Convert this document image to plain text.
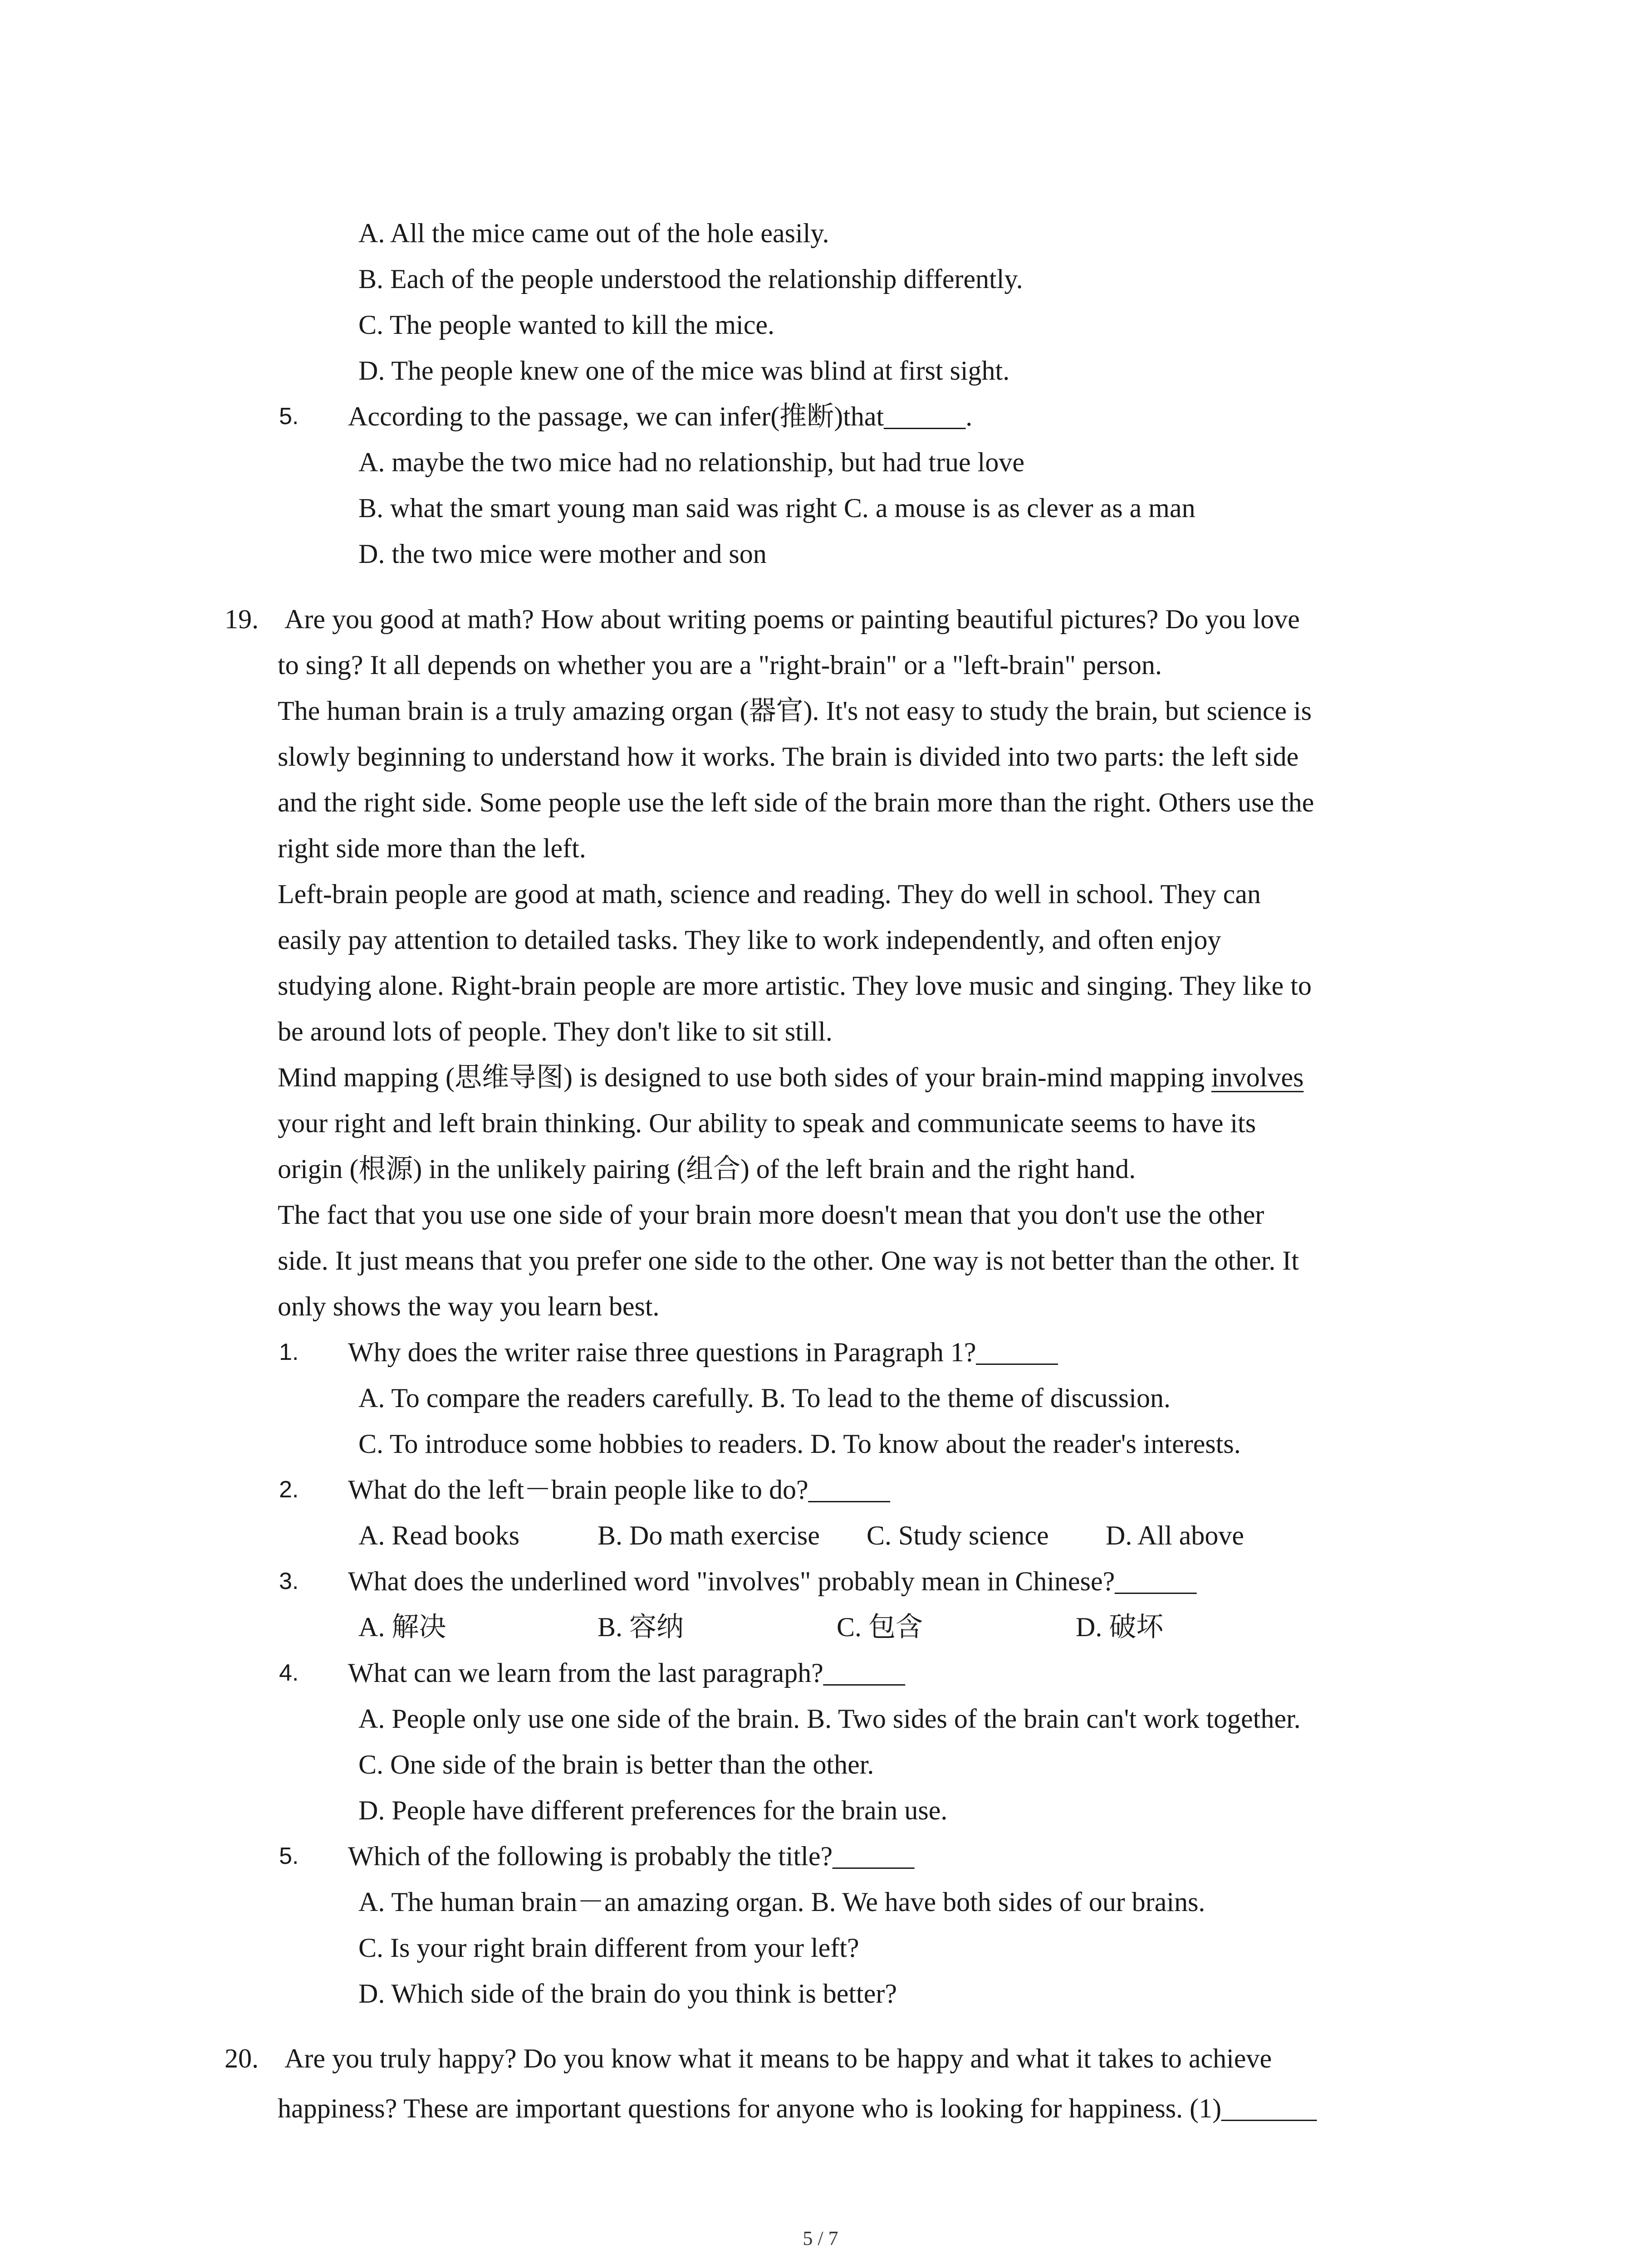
A. All the mice came out of the hole easily.
B. Each of the people understood the relationship differently.
C. The people wanted to kill the mice.
D. The people knew one of the mice was blind at first sight.
5. According to the passage, we can infer(推断)that______.
A. maybe the two mice had no relationship, but had true love
B. what the smart young man said was right C. a mouse is as clever as a man
D. the two mice were mother and son
19. Are you good at math? How about writing poems or painting beautiful pictures? Do you love
to sing? It all depends on whether you are a "right-brain" or a "left-brain" person.
The human brain is a truly amazing organ (器官). It's not easy to study the brain, but science is
slowly beginning to understand how it works. The brain is divided into two parts: the left side
and the right side. Some people use the left side of the brain more than the right. Others use the
right side more than the left.
Left-brain people are good at math, science and reading. They do well in school. They can
easily pay attention to detailed tasks. They like to work independently, and often enjoy
studying alone. Right-brain people are more artistic. They love music and singing. They like to
be around lots of people. They don't like to sit still.
Mind mapping (思维导图) is designed to use both sides of your brain-mind mapping involves
your right and left brain thinking. Our ability to speak and communicate seems to have its
origin (根源) in the unlikely pairing (组合) of the left brain and the right hand.
The fact that you use one side of your brain more doesn't mean that you don't use the other
side. It just means that you prefer one side to the other. One way is not better than the other. It
only shows the way you learn best.
1. Why does the writer raise three questions in Paragraph 1?______
A. To compare the readers carefully. B. To lead to the theme of discussion.
C. To introduce some hobbies to readers. D. To know about the reader's interests.
2. What do the left－brain people like to do?______
A. Read books	B. Do math exercise C. Study science D. All above
3. What does the underlined word "involves" probably mean in Chinese?______
A. 解决	B. 容纳	C. 包含	D. 破坏
4. What can we learn from the last paragraph?______
A. People only use one side of the brain. B. Two sides of the brain can't work together.
C. One side of the brain is better than the other.
D. People have different preferences for the brain use.
5. Which of the following is probably the title?______
A. The human brain－an amazing organ. B. We have both sides of our brains.
C. Is your right brain different from your left?
D. Which side of the brain do you think is better?
20. Are you truly happy? Do you know what it means to be happy and what it takes to achieve
happiness? These are important questions for anyone who is looking for happiness. (1)_______
5 / 7
